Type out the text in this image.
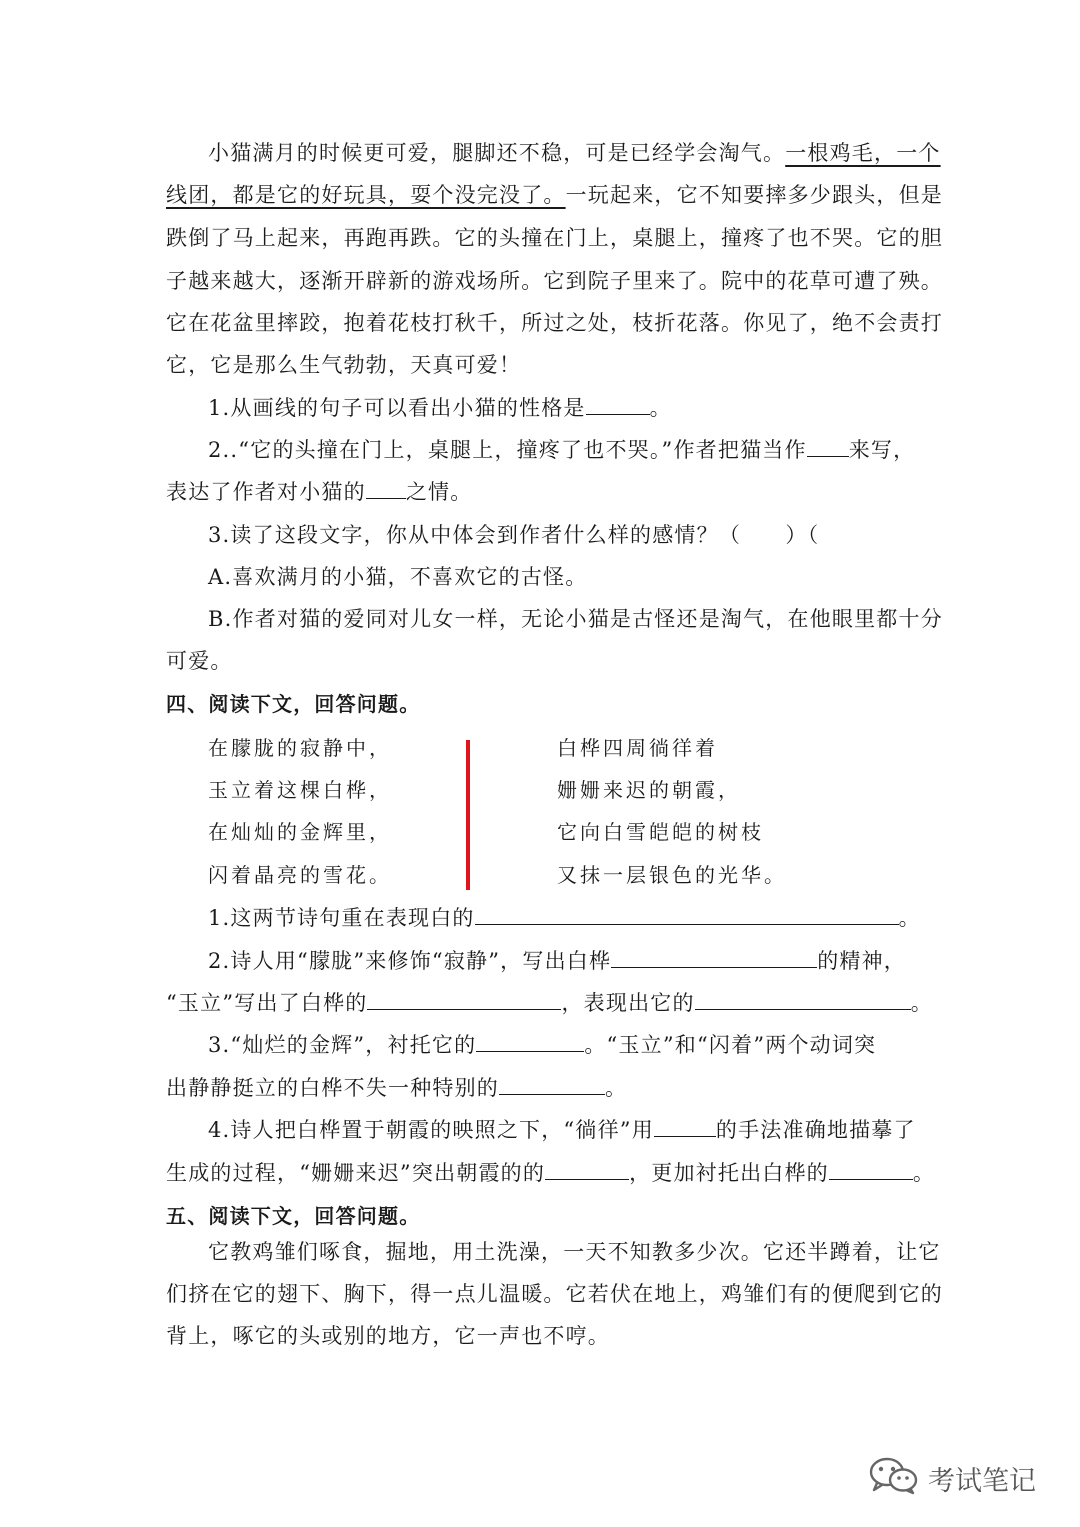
小猫满月的时候更可爱，腿脚还不稳，可是已经学会淘气。一根鸡毛，一个
线团，都是它的好玩具，耍个没完没了。一玩起来，它不知要摔多少跟头，但是
跌倒了马上起来，再跑再跌。它的头撞在门上，桌腿上，撞疼了也不哭。它的胆
子越来越大，逐渐开辟新的游戏场所。它到院子里来了。院中的花草可遭了殃。
它在花盆里摔跤，抱着花枝打秋千，所过之处，枝折花落。你见了，绝不会责打
它，它是那么生气勃勃，天真可爱！
1.从画线的句子可以看出小猫的性格是	。
2..“它的头撞在门上，桌腿上，撞疼了也不哭。”作者把猫当作 来写，
表达了作者对小猫的 之情。
3.读了这段文字，你从中体会到作者什么样的感情？（　　）（
A.喜欢满月的小猫，不喜欢它的古怪。
B.作者对猫的爱同对儿女一样，无论小猫是古怪还是淘气，在他眼里都十分
可爱。
四、阅读下文，回答问题。
在朦胧的寂静中，
玉立着这棵白桦，
在灿灿的金辉里，
闪着晶亮的雪花。
白桦四周徜徉着
姗姗来迟的朝霞，
它向白雪皑皑的树枝
又抹一层银色的光华。
1.这两节诗句重在表现白的	。
2.诗人用“朦胧”来修饰“寂静”，写出白桦	的精神，
“玉立”写出了白桦的	，表现出它的	。
3.“灿烂的金辉”，衬托它的	。“玉立”和“闪着”两个动词突
出静静挺立的白桦不失一种特别的	。
4.诗人把白桦置于朝霞的映照之下，“徜徉”用	的手法准确地描摹了
生成的过程，“姗姗来迟”突出朝霞的的	，更加衬托出白桦的	。
五、阅读下文，回答问题。
它教鸡雏们啄食，掘地，用土洗澡，一天不知教多少次。它还半蹲着，让它
们挤在它的翅下、胸下，得一点儿温暖。它若伏在地上，鸡雏们有的便爬到它的
背上，啄它的头或别的地方，它一声也不哼。
考试笔记
